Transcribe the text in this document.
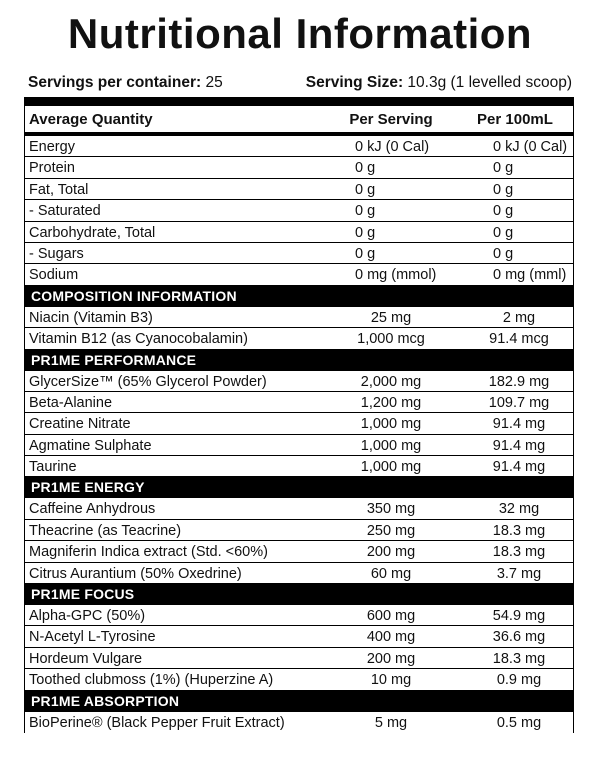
Nutritional Information
Servings per container: 25	Serving Size: 10.3g (1 levelled scoop)
Average Quantity	Per Serving	Per 100mL
Energy	0 kJ (0 Cal)	0 kJ (0 Cal)
Protein	0 g	0 g
Fat, Total	0 g	0 g
- Saturated	0 g	0 g
Carbohydrate, Total	0 g	0 g
- Sugars	0 g	0 g
Sodium	0 mg (mmol)	0 mg (mml)
COMPOSITION INFORMATION
Niacin (Vitamin B3)	25 mg	2 mg
Vitamin B12 (as Cyanocobalamin)	1,000 mcg	91.4 mcg
PR1ME PERFORMANCE
GlycerSize™ (65% Glycerol Powder)	2,000 mg	182.9 mg
Beta-Alanine	1,200 mg	109.7 mg
Creatine Nitrate	1,000 mg	91.4 mg
Agmatine Sulphate	1,000 mg	91.4 mg
Taurine	1,000 mg	91.4 mg
PR1ME ENERGY
Caffeine Anhydrous	350 mg	32 mg
Theacrine (as Teacrine)	250 mg	18.3 mg
Magniferin Indica extract (Std. <60%)	200 mg	18.3 mg
Citrus Aurantium (50% Oxedrine)	60 mg	3.7 mg
PR1ME FOCUS
Alpha-GPC (50%)	600 mg	54.9 mg
N-Acetyl L-Tyrosine	400 mg	36.6 mg
Hordeum Vulgare	200 mg	18.3 mg
Toothed clubmoss (1%) (Huperzine A)	10 mg	0.9 mg
PR1ME ABSORPTION
BioPerine® (Black Pepper Fruit Extract)	5 mg	0.5 mg
